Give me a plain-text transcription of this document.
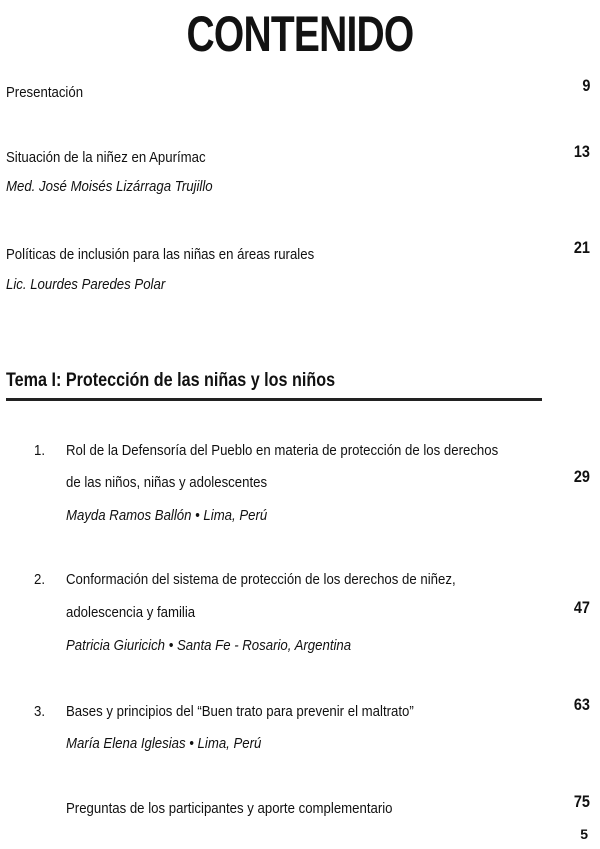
CONTENIDO
Presentación	9
Situación de la niñez en Apurímac
Med. José Moisés Lizárraga Trujillo
13
Políticas de inclusión para las niñas en áreas rurales
Lic. Lourdes Paredes Polar
21
Tema I: Protección de las niñas y los niños
1. Rol de la Defensoría del Pueblo en materia de protección de los derechos
de las niños, niñas y adolescentes
Mayda Ramos Ballón • Lima, Perú
29
2. Conformación del sistema de protección de los derechos de niñez,
adolescencia y familia
Patricia Giuricich • Santa Fe - Rosario, Argentina
47
3. Bases y principios del “Buen trato para prevenir el maltrato”
María Elena Iglesias • Lima, Perú
63
Preguntas de los participantes y aporte complementario	75
5
